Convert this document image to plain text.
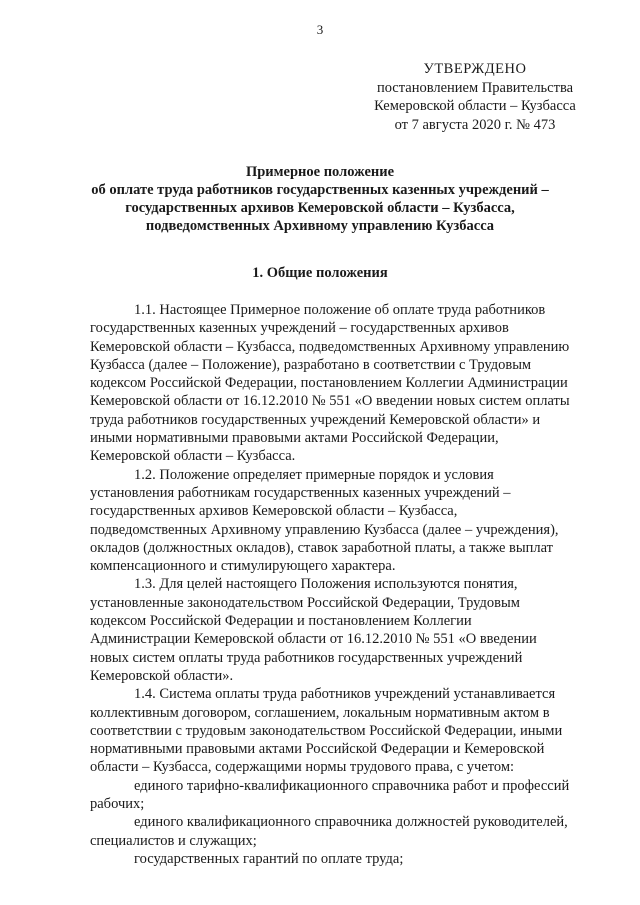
3
УТВЕРЖДЕНО
постановлением Правительства
Кемеровской области – Кузбасса
от 7 августа 2020 г. № 473
Примерное положение
об оплате труда работников государственных казенных учреждений –
государственных архивов Кемеровской области – Кузбасса,
подведомственных Архивному управлению Кузбасса
1. Общие положения
1.1. Настоящее Примерное положение об оплате труда работников
государственных казенных учреждений – государственных архивов
Кемеровской области – Кузбасса, подведомственных Архивному управлению
Кузбасса (далее – Положение), разработано в соответствии с Трудовым
кодексом Российской Федерации, постановлением Коллегии Администрации
Кемеровской области от 16.12.2010 № 551 «О введении новых систем оплаты
труда работников государственных учреждений Кемеровской области» и
иными нормативными правовыми актами Российской Федерации,
Кемеровской области – Кузбасса.
1.2. Положение определяет примерные порядок и условия
установления работникам государственных казенных учреждений –
государственных архивов Кемеровской области – Кузбасса,
подведомственных Архивному управлению Кузбасса (далее – учреждения),
окладов (должностных окладов), ставок заработной платы, а также выплат
компенсационного и стимулирующего характера.
1.3. Для целей настоящего Положения используются понятия,
установленные законодательством Российской Федерации, Трудовым
кодексом Российской Федерации и постановлением Коллегии
Администрации Кемеровской области от 16.12.2010 № 551 «О введении
новых систем оплаты труда работников государственных учреждений
Кемеровской области».
1.4. Система оплаты труда работников учреждений устанавливается
коллективным договором, соглашением, локальным нормативным актом в
соответствии с трудовым законодательством Российской Федерации, иными
нормативными правовыми актами Российской Федерации и Кемеровской
области – Кузбасса, содержащими нормы трудового права, с учетом:
единого тарифно-квалификационного справочника работ и профессий
рабочих;
единого квалификационного справочника должностей руководителей,
специалистов и служащих;
государственных гарантий по оплате труда;
